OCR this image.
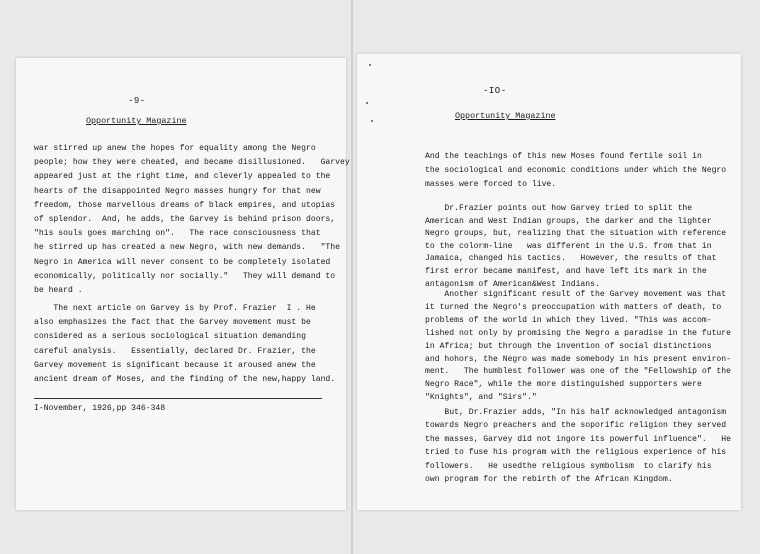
-9-
Opportunity Magazine
war stirred up anew the hopes for equality among the Negro
people; how they were cheated, and became disillusioned.   Garvey
appeared just at the right time, and cleverly appealed to the
hearts of the disappointed Negro masses hungry for that new
freedom, those marvellous dreams of black empires, and utopias
of splendor.  And, he adds, the Garvey is behind prison doors,
"his souls goes marching on".   The race consciousness that
he stirred up has created a new Negro, with new demands.   "The
Negro in America will never consent to be completely isolated
economically, politically nor socially."   They will demand to
be heard .
The next article on Garvey is by Prof. Frazier  I . He
also emphasizes the fact that the Garvey movement must be
considered as a serious sociological situation demanding
careful analysis.   Essentially, declared Dr. Frazier, the
Garvey movement is significant because it aroused anew the
ancient dream of Moses, and the finding of the new,happy land.
I-November, 1926,pp 346-348
-IO-
Opportunity Magazine
And the teachings of this new Moses found fertile soil in
the sociological and economic conditions under which the Negro
masses were forced to live.
Dr.Frazier points out how Garvey tried to split the
American and West Indian groups, the darker and the lighter
Negro groups, but, realizing that the situation with reference
to the colorm-line   was different in the U.S. from that in
Jamaica, changed his tactics.   However, the results of that
first error became manifest, and have left its mark in the
antagonism of American&West Indians.
Another significant result of the Garvey movement was that
it turned the Negro's preoccupation with matters of death, to
problems of the world in which they lived. "This was accom-
lished not only by promising the Negro a paradise in the future
in Africa; but through the invention of social distinctions
and hohors, the Negro was made somebody in his present environ-
ment.   The humblest follower was one of the "Fellowship of the
Negro Race", while the more distinguished supporters were
"Knights", and "Sirs"."
But, Dr.Frazier adds, "In his half acknowledged antagonism
towards Negro preachers and the soporific religion they served
the masses, Garvey did not ingore its powerful influence".   He
tried to fuse his program with the religious experience of his
followers.   He usedthe religious symbolism  to clarify his
own program for the rebirth of the African Kingdom.
